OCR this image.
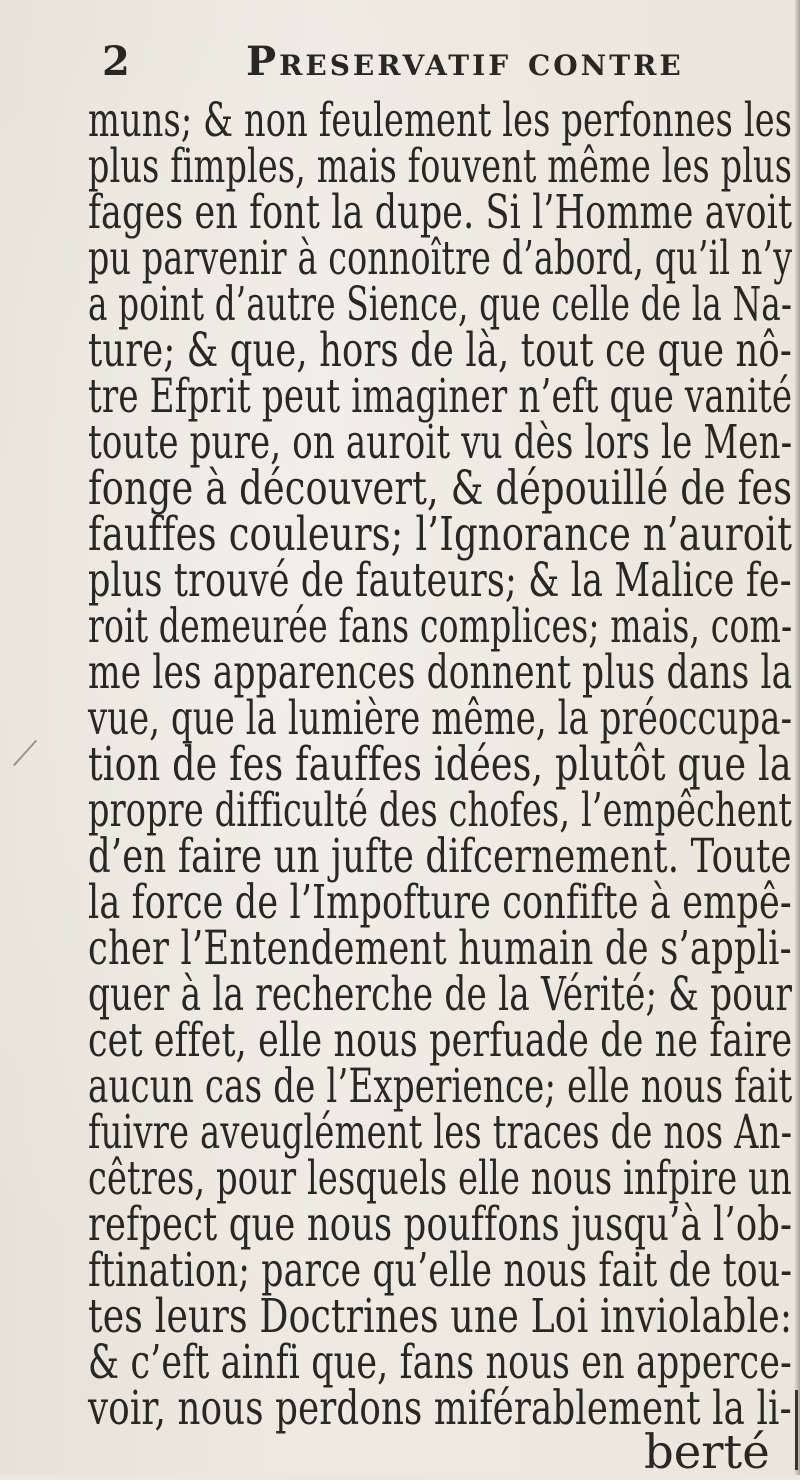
2	Preservatif contre
muns; & non feulement les perfonnes les
plus fimples, mais fouvent même les plus
fages en font la dupe. Si l’Homme avoit
pu parvenir à connoître d’abord, qu’il n’y
a point d’autre Sience, que celle de la Na-
ture; & que, hors de là, tout ce que nô-
tre Efprit peut imaginer n’eft que vanité
toute pure, on auroit vu dès lors le Men-
fonge à découvert, & dépouillé de fes
fauffes couleurs; l’Ignorance n’auroit
plus trouvé de fauteurs; & la Malice fe-
roit demeurée fans complices; mais, com-
me les apparences donnent plus dans la
vue, que la lumière même, la préoccupa-
tion de fes fauffes idées, plutôt que la
propre difficulté des chofes, l’empêchent
d’en faire un jufte difcernement. Toute
la force de l’Impofture confifte à empê-
cher l’Entendement humain de s’appli-
quer à la recherche de la Vérité; & pour
cet effet, elle nous perfuade de ne faire
aucun cas de l’Experience; elle nous fait
fuivre aveuglément les traces de nos An-
cêtres, pour lesquels elle nous infpire un
refpect que nous pouffons jusqu’à l’ob-
ftination; parce qu’elle nous fait de tou-
tes leurs Doctrines une Loi inviolable:
& c’eft ainfi que, fans nous en apperce-
voir, nous perdons miférablement la li-
berté
